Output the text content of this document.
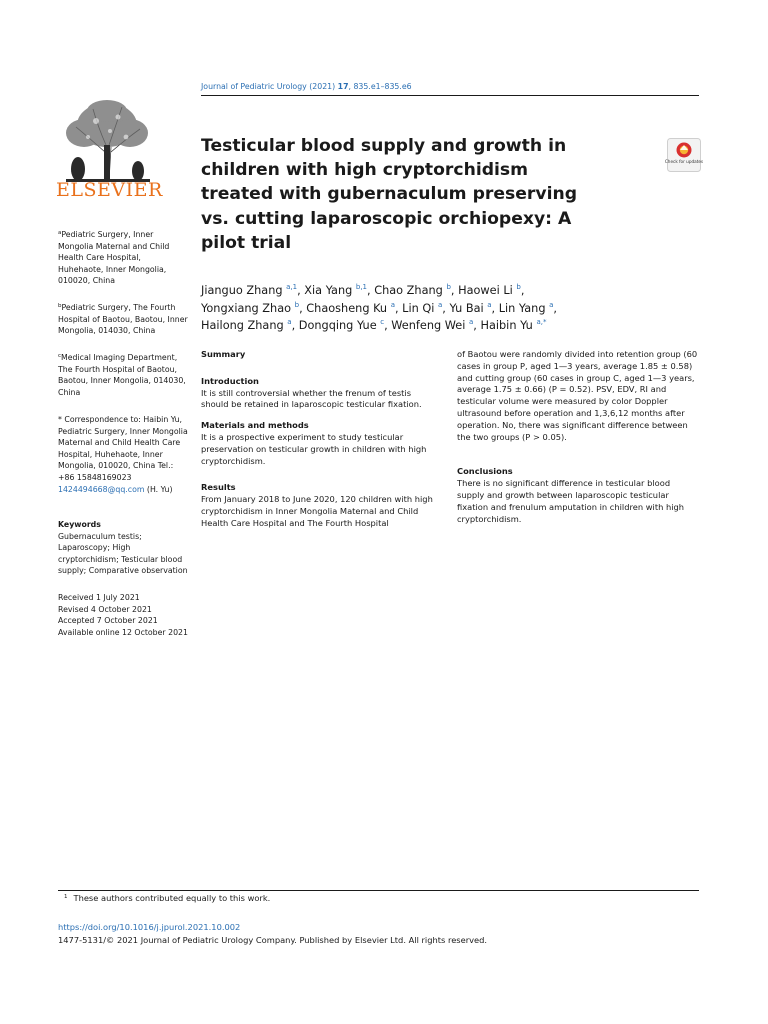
ELSEVIER
Journal of Pediatric Urology (2021) 17, 835.e1–835.e6
Testicular blood supply and growth in children with high cryptorchidism treated with gubernaculum preserving vs. cutting laparoscopic orchiopexy: A pilot trial
Check for updates

Jianguo Zhang $^{a,1}$, Xia Yang $^{b,1}$, Chao Zhang $^b$, Haowei Li $^b$,
Yongxiang Zhao $^b$, Chaosheng Ku $^a$, Lin Qi $^a$, Yu Bai $^a$, Lin Yang $^a$,
Hailong Zhang $^a$, Dongqing Yue $^c$, Wenfeng Wei $^a$, Haibin Yu $^{a,*}$

$^a$Pediatric Surgery, Inner Mongolia Maternal and Child Health Care Hospital, Huhehaote, Inner Mongolia, 010020, China

$^b$Pediatric Surgery, The Fourth Hospital of Baotou, Baotou, Inner Mongolia, 014030, China

$^c$Medical Imaging Department, The Fourth Hospital of Baotou, Baotou, Inner Mongolia, 014030, China

* Correspondence to: Haibin Yu, Pediatric Surgery, Inner Mongolia Maternal and Child Health Care Hospital, Huhehaote, Inner Mongolia, 010020, China Tel.: +86 15848169023
1424494668@qq.com (H. Yu)

Keywords
Gubernaculum testis; Laparoscopy; High cryptorchidism; Testicular blood supply; Comparative observation

Received 1 July 2021
Revised 4 October 2021
Accepted 7 October 2021
Available online 12 October 2021

Summary

Introduction

It is still controversial whether the frenum of testis should be retained in laparoscopic testicular fixation.

Materials and methods

It is a prospective experiment to study testicular preservation on testicular growth in children with high cryptorchidism.

Results

From January 2018 to June 2020, 120 children with high cryptorchidism in Inner Mongolia Maternal and Child Health Care Hospital and The Fourth Hospital

of Baotou were randomly divided into retention group (60 cases in group P, aged 1—3 years, average 1.85 ± 0.58) and cutting group (60 cases in group C, aged 1—3 years, average 1.75 ± 0.66) (P = 0.52). PSV, EDV, RI and testicular volume were measured by color Doppler ultrasound before operation and 1,3,6,12 months after operation. No, there was significant difference between the two groups (P > 0.05).

Conclusions

There is no significant difference in testicular blood supply and growth between laparoscopic testicular fixation and frenulum amputation in children with high cryptorchidism.

$^1$ These authors contributed equally to this work.
https://doi.org/10.1016/j.jpurol.2021.10.002
1477-5131/© 2021 Journal of Pediatric Urology Company. Published by Elsevier Ltd. All rights reserved.
